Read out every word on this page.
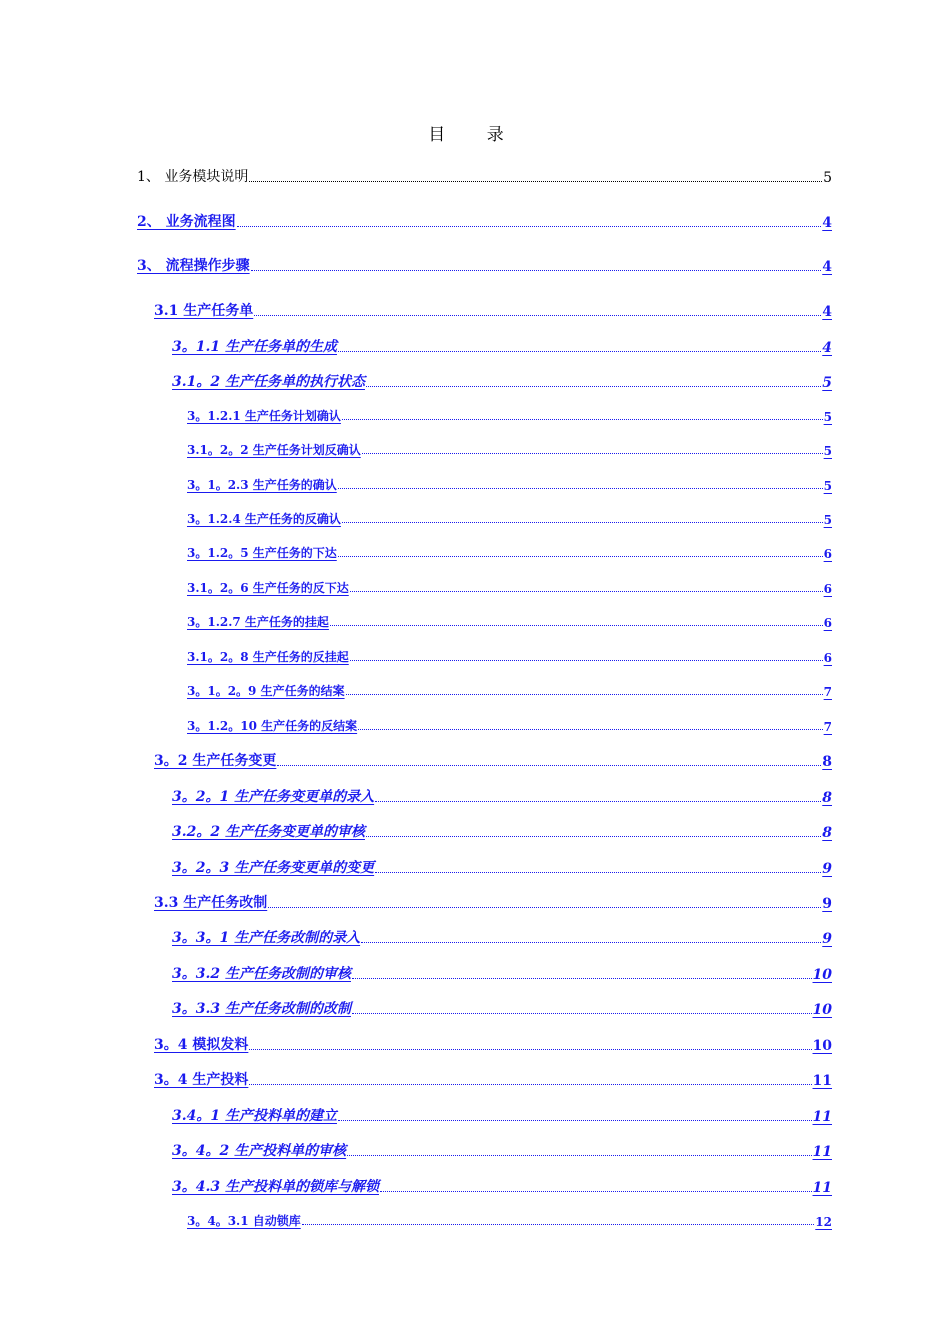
目 录
1、 业务模块说明	5
2、 业务流程图	4
3、 流程操作步骤	4
3.1 生产任务单	4
3。1.1 生产任务单的生成	4
3.1。2 生产任务单的执行状态	5
3。1.2.1 生产任务计划确认	5
3.1。2。2 生产任务计划反确认	5
3。1。2.3 生产任务的确认	5
3。1.2.4 生产任务的反确认	5
3。1.2。5 生产任务的下达	6
3.1。2。6 生产任务的反下达	6
3。1.2.7 生产任务的挂起	6
3.1。2。8 生产任务的反挂起	6
3。1。2。9 生产任务的结案	7
3。1.2。10 生产任务的反结案	7
3。2 生产任务变更	8
3。2。1 生产任务变更单的录入	8
3.2。2 生产任务变更单的审核	8
3。2。3 生产任务变更单的变更	9
3.3 生产任务改制	9
3。3。1 生产任务改制的录入	9
3。3.2 生产任务改制的审核	10
3。3.3 生产任务改制的改制	10
3。4 模拟发料	10
3。4 生产投料	11
3.4。1 生产投料单的建立	11
3。4。2 生产投料单的审核	11
3。4.3 生产投料单的锁库与解锁	11
3。4。3.1 自动锁库	12
